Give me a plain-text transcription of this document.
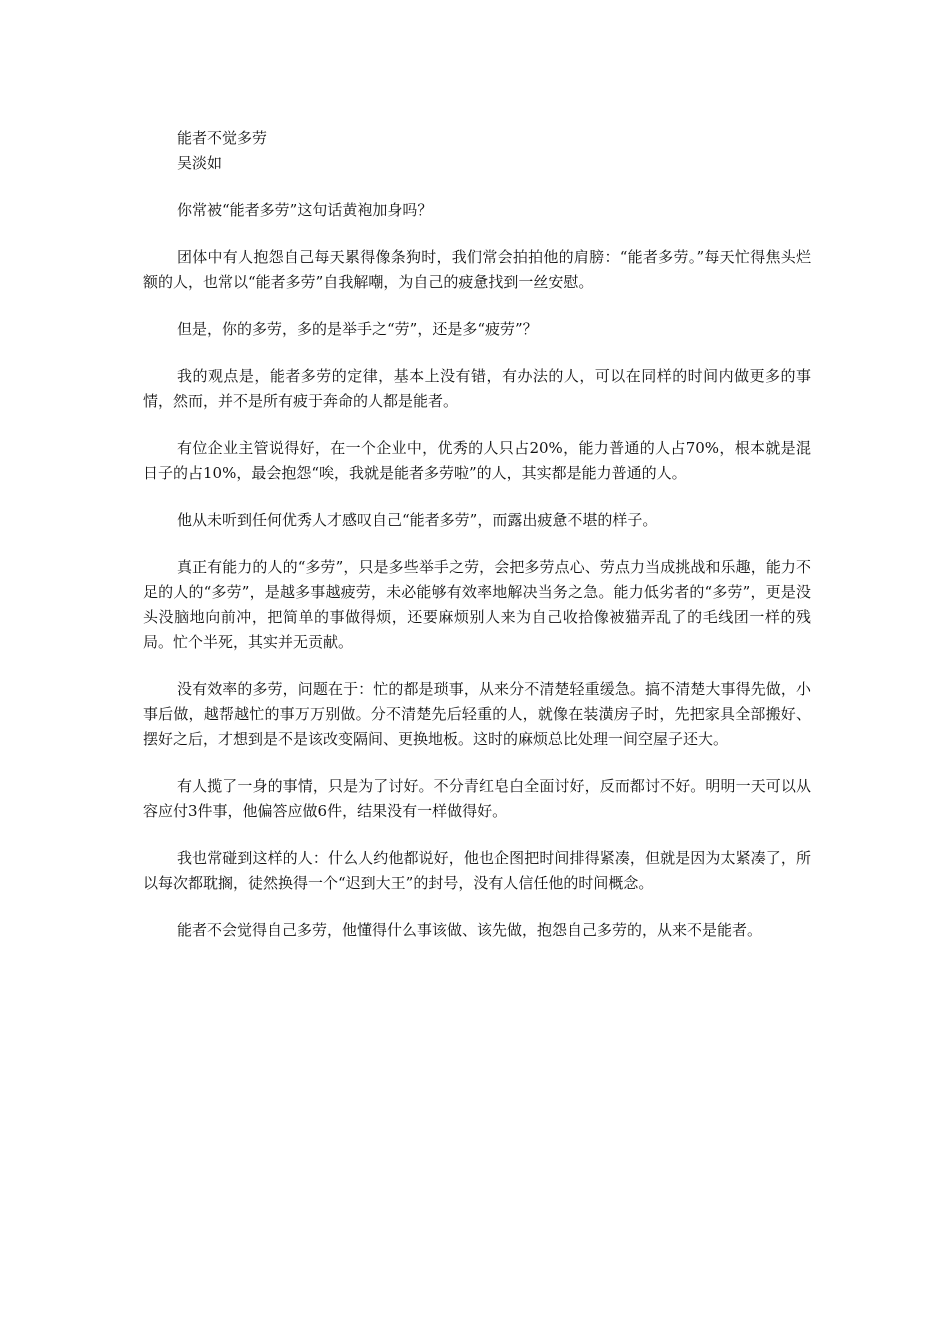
能者不觉多劳

吴淡如

你常被“能者多劳”这句话黄袍加身吗？

团体中有人抱怨自己每天累得像条狗时，我们常会拍拍他的肩膀：“能者多劳。”每天忙得焦头烂额的人，也常以“能者多劳”自我解嘲，为自己的疲惫找到一丝安慰。

但是，你的多劳，多的是举手之“劳”，还是多“疲劳”？

我的观点是，能者多劳的定律，基本上没有错，有办法的人，可以在同样的时间内做更多的事情，然而，并不是所有疲于奔命的人都是能者。

有位企业主管说得好，在一个企业中，优秀的人只占20%，能力普通的人占70%，根本就是混日子的占10%，最会抱怨“唉，我就是能者多劳啦”的人，其实都是能力普通的人。

他从未听到任何优秀人才感叹自己“能者多劳”，而露出疲惫不堪的样子。

真正有能力的人的“多劳”，只是多些举手之劳，会把多劳点心、劳点力当成挑战和乐趣，能力不足的人的“多劳”，是越多事越疲劳，未必能够有效率地解决当务之急。能力低劣者的“多劳”，更是没头没脑地向前冲，把简单的事做得烦，还要麻烦别人来为自己收拾像被猫弄乱了的毛线团一样的残局。忙个半死，其实并无贡献。

没有效率的多劳，问题在于：忙的都是琐事，从来分不清楚轻重缓急。搞不清楚大事得先做，小事后做，越帮越忙的事万万别做。分不清楚先后轻重的人，就像在装潢房子时，先把家具全部搬好、摆好之后，才想到是不是该改变隔间、更换地板。这时的麻烦总比处理一间空屋子还大。

有人揽了一身的事情，只是为了讨好。不分青红皂白全面讨好，反而都讨不好。明明一天可以从容应付3件事，他偏答应做6件，结果没有一样做得好。

我也常碰到这样的人：什么人约他都说好，他也企图把时间排得紧凑，但就是因为太紧凑了，所以每次都耽搁，徒然换得一个“迟到大王”的封号，没有人信任他的时间概念。

能者不会觉得自己多劳，他懂得什么事该做、该先做，抱怨自己多劳的，从来不是能者。
